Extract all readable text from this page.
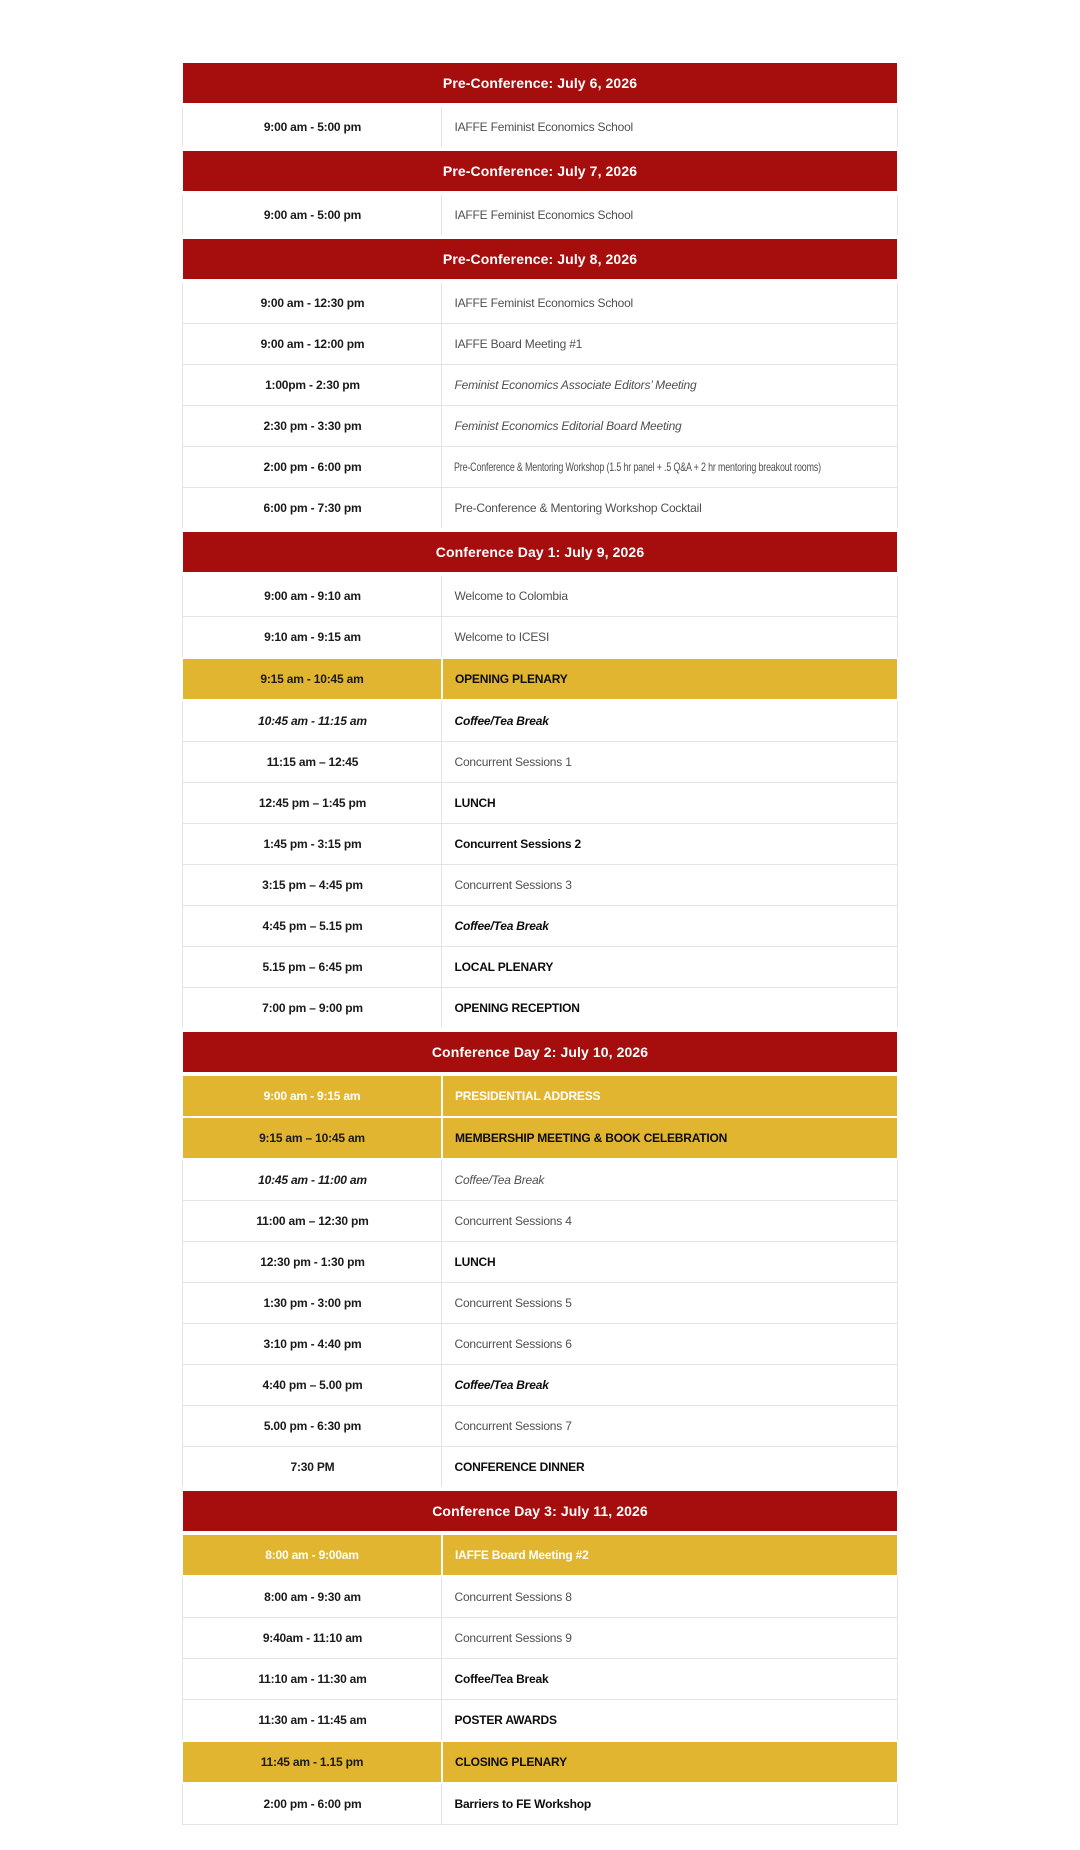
Pre-Conference: July 6, 2026	
9:00 am - 5:00 pm	IAFFE Feminist Economics School
Pre-Conference: July 7, 2026	
9:00 am - 5:00 pm	IAFFE Feminist Economics School
Pre-Conference: July 8, 2026	
9:00 am - 12:30 pm	IAFFE Feminist Economics School
9:00 am - 12:00 pm	IAFFE Board Meeting #1
1:00pm - 2:30 pm	Feminist Economics Associate Editors’ Meeting
2:30 pm - 3:30 pm	Feminist Economics Editorial Board Meeting
2:00 pm - 6:00 pm	Pre-Conference & Mentoring Workshop (1.5 hr panel + .5 Q&A + 2 hr mentoring breakout rooms)
6:00 pm - 7:30 pm	Pre-Conference & Mentoring Workshop Cocktail
Conference Day 1: July 9, 2026	
9:00 am - 9:10 am	Welcome to Colombia
9:10 am - 9:15 am	Welcome to ICESI
9:15 am - 10:45 am	OPENING PLENARY
10:45 am - 11:15 am	Coffee/Tea Break
11:15 am – 12:45	Concurrent Sessions 1
12:45 pm – 1:45 pm	LUNCH
1:45 pm - 3:15 pm	Concurrent Sessions 2
3:15 pm – 4:45 pm	Concurrent Sessions 3
4:45 pm – 5.15 pm	Coffee/Tea Break
5.15 pm – 6:45 pm	LOCAL PLENARY
7:00 pm – 9:00 pm	OPENING RECEPTION
Conference Day 2: July 10, 2026	
9:00 am - 9:15 am	PRESIDENTIAL ADDRESS
9:15 am – 10:45 am	MEMBERSHIP MEETING & BOOK CELEBRATION
10:45 am - 11:00 am	Coffee/Tea Break
11:00 am – 12:30 pm	Concurrent Sessions 4
12:30 pm - 1:30 pm	LUNCH
1:30 pm - 3:00 pm	Concurrent Sessions 5
3:10 pm - 4:40 pm	Concurrent Sessions 6
4:40 pm – 5.00 pm	Coffee/Tea Break
5.00 pm - 6:30 pm	Concurrent Sessions 7
7:30 PM	CONFERENCE DINNER
Conference Day 3: July 11, 2026	
8:00 am - 9:00am	IAFFE Board Meeting #2
8:00 am - 9:30 am	Concurrent Sessions 8
9:40am - 11:10 am	Concurrent Sessions 9
11:10 am - 11:30 am	Coffee/Tea Break
11:30 am - 11:45 am	POSTER AWARDS
11:45 am - 1.15 pm	CLOSING PLENARY
2:00 pm - 6:00 pm	Barriers to FE Workshop
